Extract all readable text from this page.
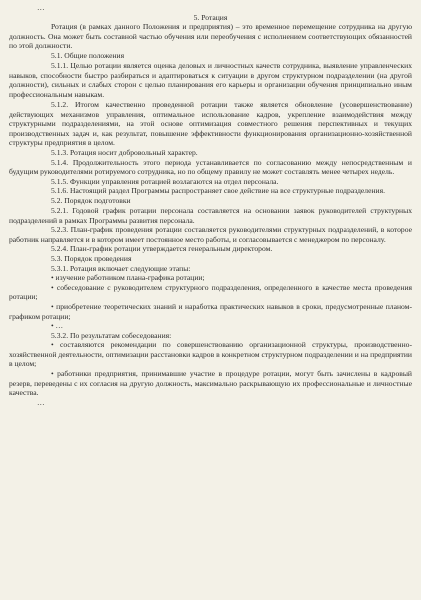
…

5. Ротация

Ротация (в рамках данного Положения и предприятия) – это временное перемещение сотрудника на другую должность. Она может быть составной частью обучения или переобучения с исполнением соответствующих обязанностей по этой должности.

5.1. Общие положения

5.1.1. Целью ротации является оценка деловых и личностных качеств сотрудника, выявление управленческих навыков, способности быстро разбираться и адаптироваться к ситуации в другом структурном подразделении (на другой должности), сильных и слабых сторон с целью планирования его карьеры и организации обучения принципиально иным профессиональным навыкам.

5.1.2. Итогом качественно проведенной ротации также является обновление (усовершенствование) действующих механизмов управления, оптимальное использование кадров, укрепление взаимодействия между структурными подразделениями, на этой основе оптимизация совместного решения перспективных и текущих производственных задач и, как результат, повышение эффективности функционирования организационно-хозяйственной структуры предприятия в целом.

5.1.3. Ротация носит добровольный характер.

5.1.4. Продолжительность этого периода устанавливается по согласованию между непосредственным и будущим руководителями ротируемого сотрудника, но по общему правилу не может составлять менее четырех недель.

5.1.5. Функции управления ротацией возлагаются на отдел персонала.

5.1.6. Настоящий раздел Программы распространяет свое действие на все структурные подразделения.

5.2. Порядок подготовки

5.2.1. Годовой график ротации персонала составляется на основании заявок руководителей структурных подразделений в рамках Программы развития персонала.

5.2.3. План-график проведения ротации составляется руководителями структурных подразделений, в которое работник направляется и в котором имеет постоянное место работы, и согласовывается с менеджером по персоналу.

5.2.4. План-график ротации утверждается генеральным директором.

5.3. Порядок проведения

5.3.1. Ротация включает следующие этапы:

• изучение работником плана-графика ротации;

• собеседование с руководителем структурного подразделения, определенного в качестве места проведения ротации;

• приобретение теоретических знаний и наработка практических навыков в сроки, предусмотренные планом-графиком ротации;

• …

5.3.2. По результатам собеседования:

• составляются рекомендации по совершенствованию организационной структуры, производственно-хозяйственной деятельности, оптимизации расстановки кадров в конкретном структурном подразделении и на предприятии в целом;

• работники предприятия, принимавшие участие в процедуре ротации, могут быть зачислены в кадровый резерв, переведены с их согласия на другую должность, максимально раскрывающую их профессиональные и личностные качества.

…
